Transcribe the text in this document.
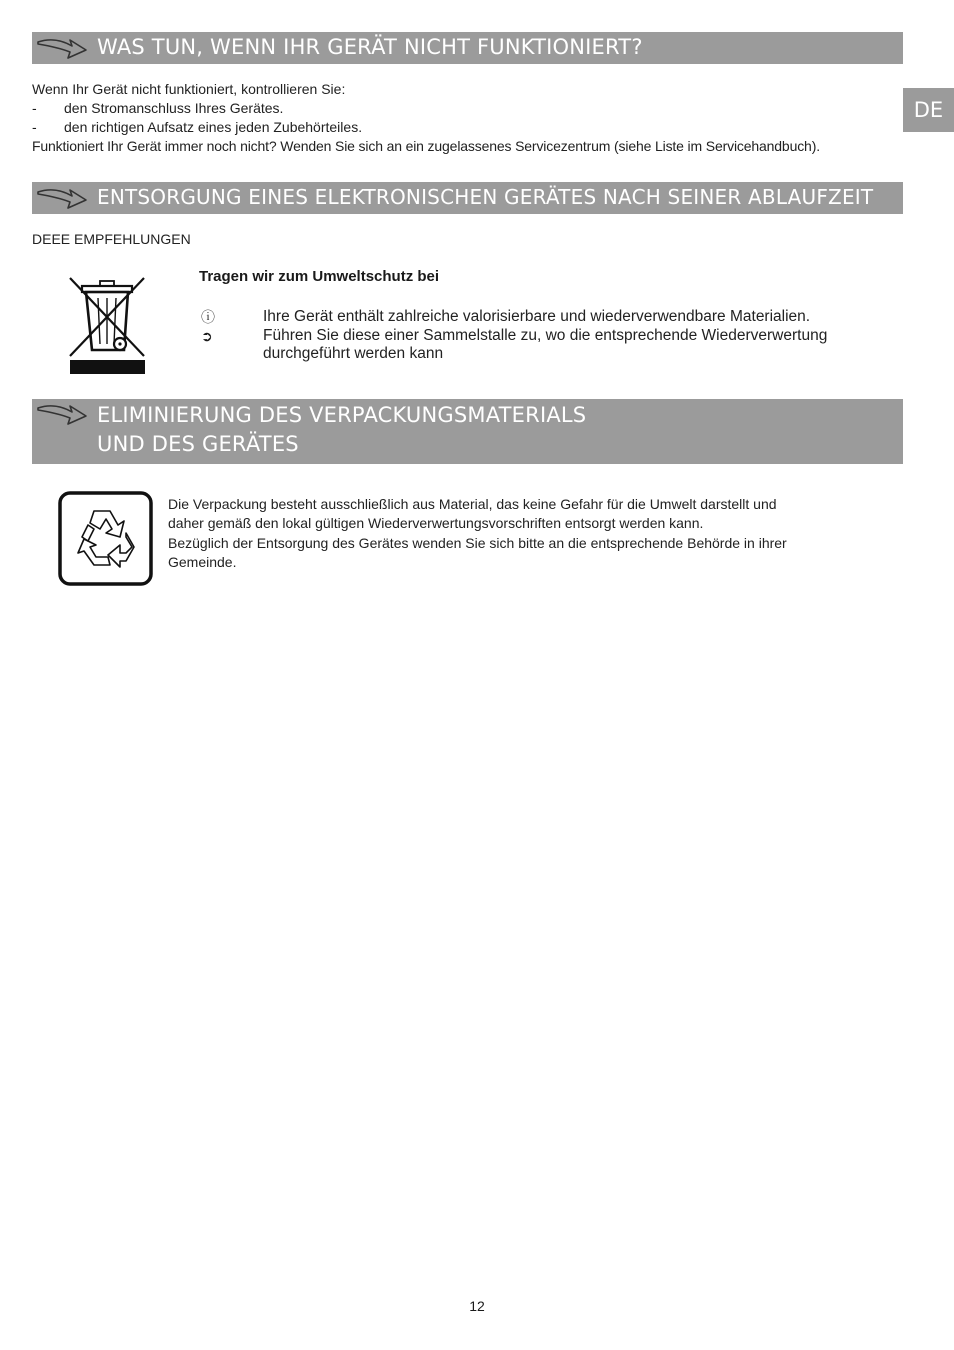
WAS TUN, WENN IHR GERÄT NICHT FUNKTIONIERT?
DE
Wenn Ihr Gerät nicht funktioniert, kontrollieren Sie:
- den Stromanschluss Ihres Gerätes.
- den richtigen Aufsatz eines jeden Zubehörteiles.
Funktioniert Ihr Gerät immer noch nicht? Wenden Sie sich an ein zugelassenes Servicezentrum (siehe Liste im Servicehandbuch).
ENTSORGUNG EINES ELEKTRONISCHEN GERÄTES NACH SEINER ABLAUFZEIT
DEEE EMPFEHLUNGEN
Tragen wir zum Umweltschutz bei
ⓘ	Ihre Gerät enthält zahlreiche valorisierbare und wiederverwendbare Materialien.
➲	Führen Sie diese einer Sammelstalle zu, wo die entsprechende Wiederverwertung
durchgeführt werden kann
ELIMINIERUNG DES VERPACKUNGSMATERIALS
UND DES GERÄTES
Die Verpackung besteht ausschließlich aus Material, das keine Gefahr für die Umwelt darstellt und
daher gemäß den lokal gültigen Wiederverwertungsvorschriften entsorgt werden kann.
Bezüglich der Entsorgung des Gerätes wenden Sie sich bitte an die entsprechende Behörde in ihrer
Gemeinde.
12
